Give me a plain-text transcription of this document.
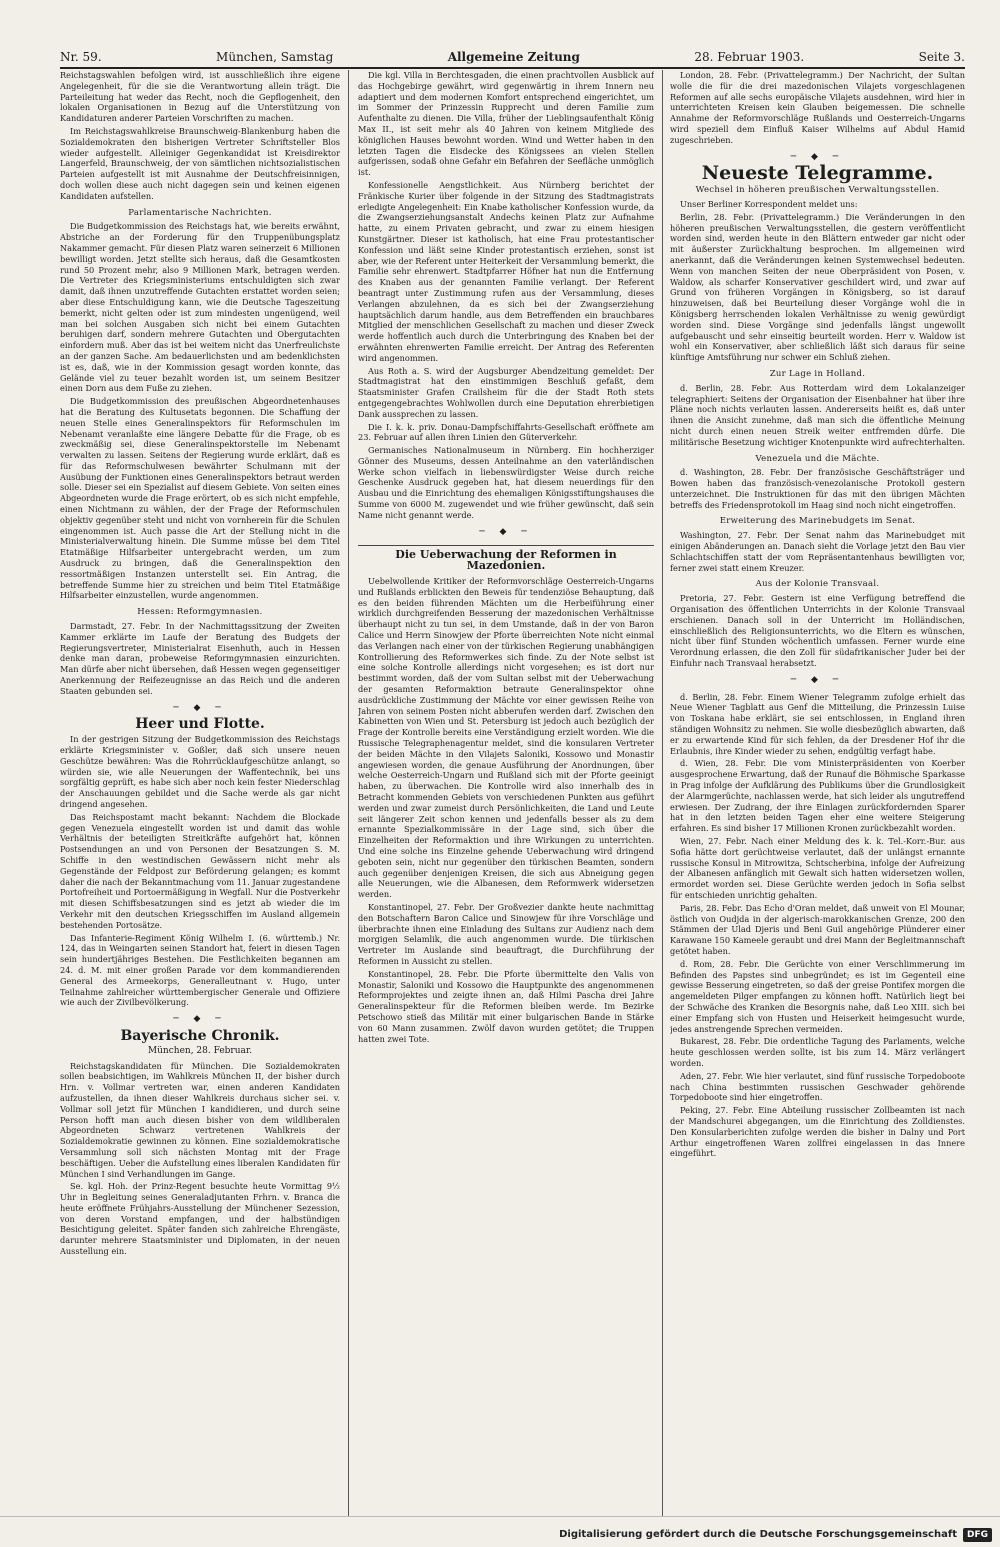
Nr. 59.	München, Samstag	Allgemeine Zeitung	28. Februar 1903.	Seite 3.

Reichstagswahlen befolgen wird, ist ausschließlich ihre eigene Angelegenheit, für die sie die Verantwortung allein trägt. Die Parteileitung hat weder das Recht, noch die Gepflogenheit, den lokalen Organisationen in Bezug auf die Unterstützung von Kandidaturen anderer Parteien Vorschriften zu machen.

Im Reichstagswahlkreise Braunschweig-Blankenburg haben die Sozialdemokraten den bisherigen Vertreter Schriftsteller Blos wieder aufgestellt. Alleiniger Gegenkandidat ist Kreisdirektor Langerfeld, Braunschweig, der von sämtlichen nichtsozialistischen Parteien aufgestellt ist mit Ausnahme der Deutschfreisinnigen, doch wollen diese auch nicht dagegen sein und keinen eigenen Kandidaten aufstellen.

Parlamentarische Nachrichten.

Die Budgetkommission des Reichstags hat, wie bereits erwähnt, Abstriche an der Forderung für den Truppenübungsplatz Nakammer gemacht. Für diesen Platz waren seinerzeit 6 Millionen bewilligt worden. Jetzt stellte sich heraus, daß die Gesamtkosten rund 50 Prozent mehr, also 9 Millionen Mark, betragen werden. Die Vertreter des Kriegsministeriums entschuldigten sich zwar damit, daß ihnen unzutreffende Gutachten erstattet worden seien; aber diese Entschuldigung kann, wie die Deutsche Tageszeitung bemerkt, nicht gelten oder ist zum mindesten ungenügend, weil man bei solchen Ausgaben sich nicht bei einem Gutachten beruhigen darf, sondern mehrere Gutachten und Obergutachten einfordern muß. Aber das ist bei weitem nicht das Unerfreulichste an der ganzen Sache. Am bedauerlichsten und am bedenklichsten ist es, daß, wie in der Kommission gesagt worden konnte, das Gelände viel zu teuer bezahlt worden ist, um seinem Besitzer einen Dorn aus dem Fuße zu ziehen.

Die Budgetkommission des preußischen Abgeordnetenhauses hat die Beratung des Kultusetats begonnen. Die Schaffung der neuen Stelle eines Generalinspektors für Reformschulen im Nebenamt veranlaßte eine längere Debatte für die Frage, ob es zweckmäßig sei, diese Generalinspektorstelle im Nebenamt verwalten zu lassen. Seitens der Regierung wurde erklärt, daß es für das Reformschulwesen bewährter Schulmann mit der Ausübung der Funktionen eines Generalinspektors betraut werden solle. Dieser sei ein Spezialist auf diesem Gebiete. Von seiten eines Abgeordneten wurde die Frage erörtert, ob es sich nicht empfehle, einen Nichtmann zu wählen, der der Frage der Reformschulen objektiv gegenüber steht und nicht von vornherein für die Schulen eingenommen ist. Auch passe die Art der Stellung nicht in die Ministerialverwaltung hinein. Die Summe müsse bei dem Titel Etatmäßige Hilfsarbeiter untergebracht werden, um zum Ausdruck zu bringen, daß die Generalinspektion den ressortmäßigen Instanzen unterstellt sei. Ein Antrag, die betreffende Summe hier zu streichen und beim Titel Etatmäßige Hilfsarbeiter einzustellen, wurde angenommen.

Hessen: Reformgymnasien.

Darmstadt, 27. Febr. In der Nachmittagssitzung der Zweiten Kammer erklärte im Laufe der Beratung des Budgets der Regierungsvertreter, Ministerialrat Eisenhuth, auch in Hessen denke man daran, probeweise Reformgymnasien einzurichten. Man dürfe aber nicht übersehen, daß Hessen wegen gegenseitiger Anerkennung der Reifezeugnisse an das Reich und die anderen Staaten gebunden sei.

─ ◆ ─
Heer und Flotte.

In der gestrigen Sitzung der Budgetkommission des Reichstags erklärte Kriegsminister v. Goßler, daß sich unsere neuen Geschütze bewähren: Was die Rohrrücklaufgeschütze anlangt, so würden sie, wie alle Neuerungen der Waffentechnik, bei uns sorgfältig geprüft, es habe sich aber noch kein fester Niederschlag der Anschauungen gebildet und die Sache werde als gar nicht dringend angesehen.

Das Reichspostamt macht bekannt: Nachdem die Blockade gegen Venezuela eingestellt worden ist und damit das wohle Verhältnis der beteiligten Streitkräfte aufgehört hat, können Postsendungen an und von Personen der Besatzungen S. M. Schiffe in den westindischen Gewässern nicht mehr als Gegenstände der Feldpost zur Beförderung gelangen; es kommt daher die nach der Bekanntmachung vom 11. Januar zugestandene Portofreiheit und Portoermäßigung in Wegfall. Nur die Postverkehr mit diesen Schiffsbesatzungen sind es jetzt ab wieder die im Verkehr mit den deutschen Kriegsschiffen im Ausland allgemein bestehenden Portosätze.

Das Infanterie-Regiment König Wilhelm I. (6. württemb.) Nr. 124, das in Weingarten seinen Standort hat, feiert in diesen Tagen sein hundertjähriges Bestehen. Die Festlichkeiten begannen am 24. d. M. mit einer großen Parade vor dem kommandierenden General des Armeekorps, Generalleutnant v. Hugo, unter Teilnahme zahlreicher württembergischer Generale und Offiziere wie auch der Zivilbevölkerung.

─ ◆ ─
Bayerische Chronik.
München, 28. Februar.

Reichstagskandidaten für München. Die Sozialdemokraten sollen beabsichtigen, im Wahlkreis München II, der bisher durch Hrn. v. Vollmar vertreten war, einen anderen Kandidaten aufzustellen, da ihnen dieser Wahlkreis durchaus sicher sei. v. Vollmar soll jetzt für München I kandidieren, und durch seine Person hofft man auch diesen bisher von dem wildliberalen Abgeordneten Schwarz vertretenen Wahlkreis der Sozialdemokratie gewinnen zu können. Eine sozialdemokratische Versammlung soll sich nächsten Montag mit der Frage beschäftigen. Ueber die Aufstellung eines liberalen Kandidaten für München I sind Verhandlungen im Gange.

Se. kgl. Hoh. der Prinz-Regent besuchte heute Vormittag 9½ Uhr in Begleitung seines Generaladjutanten Frhrn. v. Branca die heute eröffnete Frühjahrs-Ausstellung der Münchener Sezession, von deren Vorstand empfangen, und der halbstündigen Besichtigung geleitet. Später fanden sich zahlreiche Ehrengäste, darunter mehrere Staatsminister und Diplomaten, in der neuen Ausstellung ein.

Die kgl. Villa in Berchtesgaden, die einen prachtvollen Ausblick auf das Hochgebirge gewährt, wird gegenwärtig in ihrem Innern neu adaptiert und dem modernen Komfort entsprechend eingerichtet, um im Sommer der Prinzessin Rupprecht und deren Familie zum Aufenthalte zu dienen. Die Villa, früher der Lieblingsaufenthalt König Max II., ist seit mehr als 40 Jahren von keinem Mitgliede des königlichen Hauses bewohnt worden. Wind und Wetter haben in den letzten Tagen die Eisdecke des Königssees an vielen Stellen aufgerissen, sodaß ohne Gefahr ein Befahren der Seefläche unmöglich ist.

Konfessionelle Aengstlichkeit. Aus Nürnberg berichtet der Fränkische Kurier über folgende in der Sitzung des Stadtmagistrats erledigte Angelegenheit: Ein Knabe katholischer Konfession wurde, da die Zwangserziehungsanstalt Andechs keinen Platz zur Aufnahme hatte, zu einem Privaten gebracht, und zwar zu einem hiesigen Kunstgärtner. Dieser ist katholisch, hat eine Frau protestantischer Konfession und läßt seine Kinder protestantisch erziehen, sonst ist aber, wie der Referent unter Heiterkeit der Versammlung bemerkt, die Familie sehr ehrenwert. Stadtpfarrer Höfner hat nun die Entfernung des Knaben aus der genannten Familie verlangt. Der Referent beantragt unter Zustimmung rufen aus der Versammlung, dieses Verlangen abzulehnen, da es sich bei der Zwangserziehung hauptsächlich darum handle, aus dem Betreffenden ein brauchbares Mitglied der menschlichen Gesellschaft zu machen und dieser Zweck werde hoffentlich auch durch die Unterbringung des Knaben bei der erwähnten ehrenwerten Familie erreicht. Der Antrag des Referenten wird angenommen.

Aus Roth a. S. wird der Augsburger Abendzeitung gemeldet: Der Stadtmagistrat hat den einstimmigen Beschluß gefaßt, dem Staatsminister Grafen Crailsheim für die der Stadt Roth stets entgegengebrachtes Wohlwollen durch eine Deputation ehrerbietigen Dank aussprechen zu lassen.

Die I. k. k. priv. Donau-Dampfschiffahrts-Gesellschaft eröffnete am 23. Februar auf allen ihren Linien den Güterverkehr.

Germanisches Nationalmuseum in Nürnberg. Ein hochherziger Gönner des Museums, dessen Anteilnahme an den vaterländischen Werke schon vielfach in liebenswürdigster Weise durch reiche Geschenke Ausdruck gegeben hat, hat diesem neuerdings für den Ausbau und die Einrichtung des ehemaligen Königsstiftungshauses die Summe von 6000 M. zugewendet und wie früher gewünscht, daß sein Name nicht genannt werde.

─ ◆ ─
Die Ueberwachung der Reformen in Mazedonien.

Uebelwollende Kritiker der Reformvorschläge Oesterreich-Ungarns und Rußlands erblickten den Beweis für tendenziöse Behauptung, daß es den beiden führenden Mächten um die Herbeiführung einer wirklich durchgreifenden Besserung der mazedonischen Verhältnisse überhaupt nicht zu tun sei, in dem Umstande, daß in der von Baron Calice und Herrn Sinowjew der Pforte überreichten Note nicht einmal das Verlangen nach einer von der türkischen Regierung unabhängigen Kontrollierung des Reformwerkes sich finde. Zu der Note selbst ist eine solche Kontrolle allerdings nicht vorgesehen; es ist dort nur bestimmt worden, daß der vom Sultan selbst mit der Ueberwachung der gesamten Reformaktion betraute Generalinspektor ohne ausdrückliche Zustimmung der Mächte vor einer gewissen Reihe von Jahren von seinem Posten nicht abberufen werden darf. Zwischen den Kabinetten von Wien und St. Petersburg ist jedoch auch bezüglich der Frage der Kontrolle bereits eine Verständigung erzielt worden. Wie die Russische Telegraphenagentur meldet, sind die konsularen Vertreter der beiden Mächte in den Vilajets Saloniki, Kossowo und Monastir angewiesen worden, die genaue Ausführung der Anordnungen, über welche Oesterreich-Ungarn und Rußland sich mit der Pforte geeinigt haben, zu überwachen. Die Kontrolle wird also innerhalb des in Betracht kommenden Gebiets von verschiedenen Punkten aus geführt werden und zwar zumeist durch Persönlichkeiten, die Land und Leute seit längerer Zeit schon kennen und jedenfalls besser als zu dem ernannte Spezialkommissäre in der Lage sind, sich über die Einzelheiten der Reformaktion und ihre Wirkungen zu unterrichten. Und eine solche ins Einzelne gehende Ueberwachung wird dringend geboten sein, nicht nur gegenüber den türkischen Beamten, sondern auch gegenüber denjenigen Kreisen, die sich aus Abneigung gegen alle Neuerungen, wie die Albanesen, dem Reformwerk widersetzen werden.

Konstantinopel, 27. Febr. Der Großvezier dankte heute nachmittag den Botschaftern Baron Calice und Sinowjew für ihre Vorschläge und überbrachte ihnen eine Einladung des Sultans zur Audienz nach dem morgigen Selamlik, die auch angenommen wurde. Die türkischen Vertreter im Auslande sind beauftragt, die Durchführung der Reformen in Aussicht zu stellen.

Konstantinopel, 28. Febr. Die Pforte übermittelte den Valis von Monastir, Saloniki und Kossowo die Hauptpunkte des angenommenen Reformprojektes und zeigte ihnen an, daß Hilmi Pascha drei Jahre Generalinspekteur für die Reformen bleiben werde. Im Bezirke Petschowo stieß das Militär mit einer bulgarischen Bande in Stärke von 60 Mann zusammen. Zwölf davon wurden getötet; die Truppen hatten zwei Tote.

London, 28. Febr. (Privattelegramm.) Der Nachricht, der Sultan wolle die für die drei mazedonischen Vilajets vorgeschlagenen Reformen auf alle sechs europäische Vilajets ausdehnen, wird hier in unterrichteten Kreisen kein Glauben beigemessen. Die schnelle Annahme der Reformvorschläge Rußlands und Oesterreich-Ungarns wird speziell dem Einfluß Kaiser Wilhelms auf Abdul Hamid zugeschrieben.

─ ◆ ─
Neueste Telegramme.
Wechsel in höheren preußischen Verwaltungsstellen.

Unser Berliner Korrespondent meldet uns:

Berlin, 28. Febr. (Privattelegramm.) Die Veränderungen in den höheren preußischen Verwaltungsstellen, die gestern veröffentlicht worden sind, werden heute in den Blättern entweder gar nicht oder mit äußerster Zurückhaltung besprochen. Im allgemeinen wird anerkannt, daß die Veränderungen keinen Systemwechsel bedeuten. Wenn von manchen Seiten der neue Oberpräsident von Posen, v. Waldow, als scharfer Konservativer geschildert wird, und zwar auf Grund von früheren Vorgängen in Königsberg, so ist darauf hinzuweisen, daß bei Beurteilung dieser Vorgänge wohl die in Königsberg herrschenden lokalen Verhältnisse zu wenig gewürdigt worden sind. Diese Vorgänge sind jedenfalls längst ungewollt aufgebauscht und sehr einseitig beurteilt worden. Herr v. Waldow ist wohl ein Konservativer, aber schließlich läßt sich daraus für seine künftige Amtsführung nur schwer ein Schluß ziehen.

Zur Lage in Holland.

d. Berlin, 28. Febr. Aus Rotterdam wird dem Lokalanzeiger telegraphiert: Seitens der Organisation der Eisenbahner hat über ihre Pläne noch nichts verlauten lassen. Andererseits heißt es, daß unter ihnen die Ansicht zunehme, daß man sich die öffentliche Meinung nicht durch einen neuen Streik weiter entfremden dürfe. Die militärische Besetzung wichtiger Knotenpunkte wird aufrechterhalten.

Venezuela und die Mächte.

d. Washington, 28. Febr. Der französische Geschäftsträger und Bowen haben das französisch-venezolanische Protokoll gestern unterzeichnet. Die Instruktionen für das mit den übrigen Mächten betreffs des Friedensprotokoll im Haag sind noch nicht eingetroffen.

Erweiterung des Marinebudgets im Senat.

Washington, 27. Febr. Der Senat nahm das Marinebudget mit einigen Abänderungen an. Danach sieht die Vorlage jetzt den Bau vier Schlachtschiffen statt der vom Repräsentantenhaus bewilligten vor, ferner zwei statt einem Kreuzer.

Aus der Kolonie Transvaal.

Pretoria, 27. Febr. Gestern ist eine Verfügung betreffend die Organisation des öffentlichen Unterrichts in der Kolonie Transvaal erschienen. Danach soll in der Unterricht im Holländischen, einschließlich des Religionsunterrichts, wo die Eltern es wünschen, nicht über fünf Stunden wöchentlich umfassen. Ferner wurde eine Verordnung erlassen, die den Zoll für südafrikanischer Juder bei der Einfuhr nach Transvaal herabsetzt.

─ ◆ ─

d. Berlin, 28. Febr. Einem Wiener Telegramm zufolge erhielt das Neue Wiener Tagblatt aus Genf die Mitteilung, die Prinzessin Luise von Toskana habe erklärt, sie sei entschlossen, in England ihren ständigen Wohnsitz zu nehmen. Sie wolle diesbezüglich abwarten, daß er zu erwartende Kind für sich fehlen, da der Dresdener Hof ihr die Erlaubnis, ihre Kinder wieder zu sehen, endgültig verfagt habe.

d. Wien, 28. Febr. Die vom Ministerpräsidenten von Koerber ausgesprochene Erwartung, daß der Runauf die Böhmische Sparkasse in Prag infolge der Aufklärung des Publikums über die Grundlosigkeit der Alarmgerüchte, nachlassen werde, hat sich leider als ungutreffend erwiesen. Der Zudrang, der ihre Einlagen zurückfordernden Sparer hat in den letzten beiden Tagen eher eine weitere Steigerung erfahren. Es sind bisher 17 Millionen Kronen zurückbezahlt worden.

Wien, 27. Febr. Nach einer Meldung des k. k. Tel.-Korr.-Bur. aus Sofia hätte dort gerüchtweise verlautet, daß der unlängst ernannte russische Konsul in Mitrowitza, Schtscherbina, infolge der Aufreizung der Albanesen anfänglich mit Gewalt sich hatten widersetzen wollen, ermordet worden sei. Diese Gerüchte werden jedoch in Sofia selbst für entschieden unrichtig gehalten.

Paris, 28. Febr. Das Echo d'Oran meldet, daß unweit von El Mounar, östlich von Oudjda in der algerisch-marokkanischen Grenze, 200 den Stämmen der Ulad Djeris und Beni Guil angehörige Plünderer einer Karawane 150 Kameele geraubt und drei Mann der Begleitmannschaft getötet haben.

d. Rom, 28. Febr. Die Gerüchte von einer Verschlimmerung im Befinden des Papstes sind unbegründet; es ist im Gegenteil eine gewisse Besserung eingetreten, so daß der greise Pontifex morgen die angemeldeten Pilger empfangen zu können hofft. Natürlich liegt bei der Schwäche des Kranken die Besorgnis nahe, daß Leo XIII. sich bei einer Empfang sich von Husten und Heiserkeit heimgesucht wurde, jedes anstrengende Sprechen vermeiden.

Bukarest, 28. Febr. Die ordentliche Tagung des Parlaments, welche heute geschlossen werden sollte, ist bis zum 14. März verlängert worden.

Aden, 27. Febr. Wie hier verlautet, sind fünf russische Torpedoboote nach China bestimmten russischen Geschwader gehörende Torpedoboote sind hier eingetroffen.

Peking, 27. Febr. Eine Abteilung russischer Zollbeamten ist nach der Mandschurei abgegangen, um die Einrichtung des Zolldienstes. Den Konsularberichten zufolge werden die bisher in Dalny und Port Arthur eingetroffenen Waren zollfrei eingelassen in das Innere eingeführt.

Digitalisierung gefördert durch die Deutsche Forschungsgemeinschaft	DFG
